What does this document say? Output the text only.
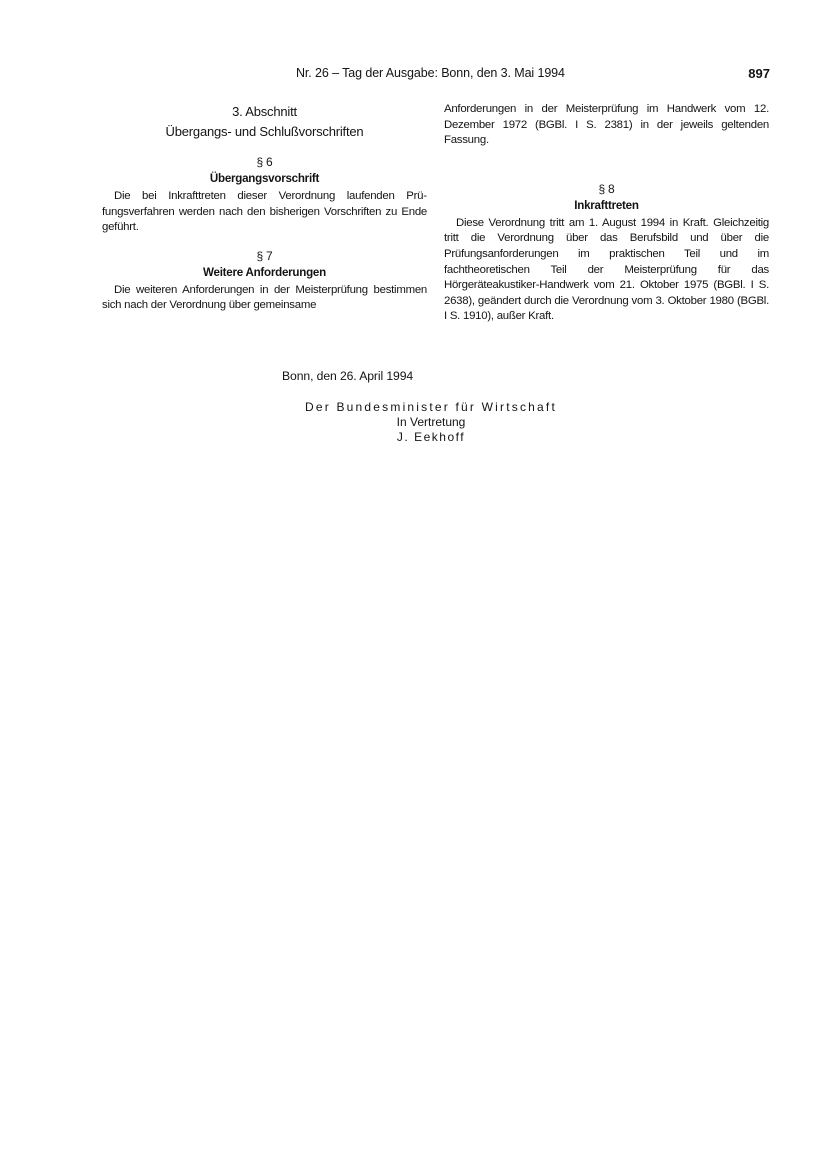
Nr. 26 – Tag der Ausgabe: Bonn, den 3. Mai 1994	897
3. Abschnitt
Übergangs- und Schlußvorschriften
§ 6
Übergangsvorschrift

Die bei Inkrafttreten dieser Verordnung laufenden Prüfungsverfahren werden nach den bisherigen Vorschriften zu Ende geführt.

§ 7
Weitere Anforderungen

Die weiteren Anforderungen in der Meisterprüfung bestimmen sich nach der Verordnung über gemeinsame

Anforderungen in der Meisterprüfung im Handwerk vom 12. Dezember 1972 (BGBl. I S. 2381) in der jeweils geltenden Fassung.

§ 8
Inkrafttreten

Diese Verordnung tritt am 1. August 1994 in Kraft. Gleichzeitig tritt die Verordnung über das Berufsbild und über die Prüfungsanforderungen im praktischen Teil und im fachtheoretischen Teil der Meisterprüfung für das Hörgeräteakustiker-Handwerk vom 21. Oktober 1975 (BGBl. I S. 2638), geändert durch die Verordnung vom 3. Oktober 1980 (BGBl. I S. 1910), außer Kraft.

Bonn, den 26. April 1994
Der Bundesminister für Wirtschaft
In Vertretung
J. Eekhoff
